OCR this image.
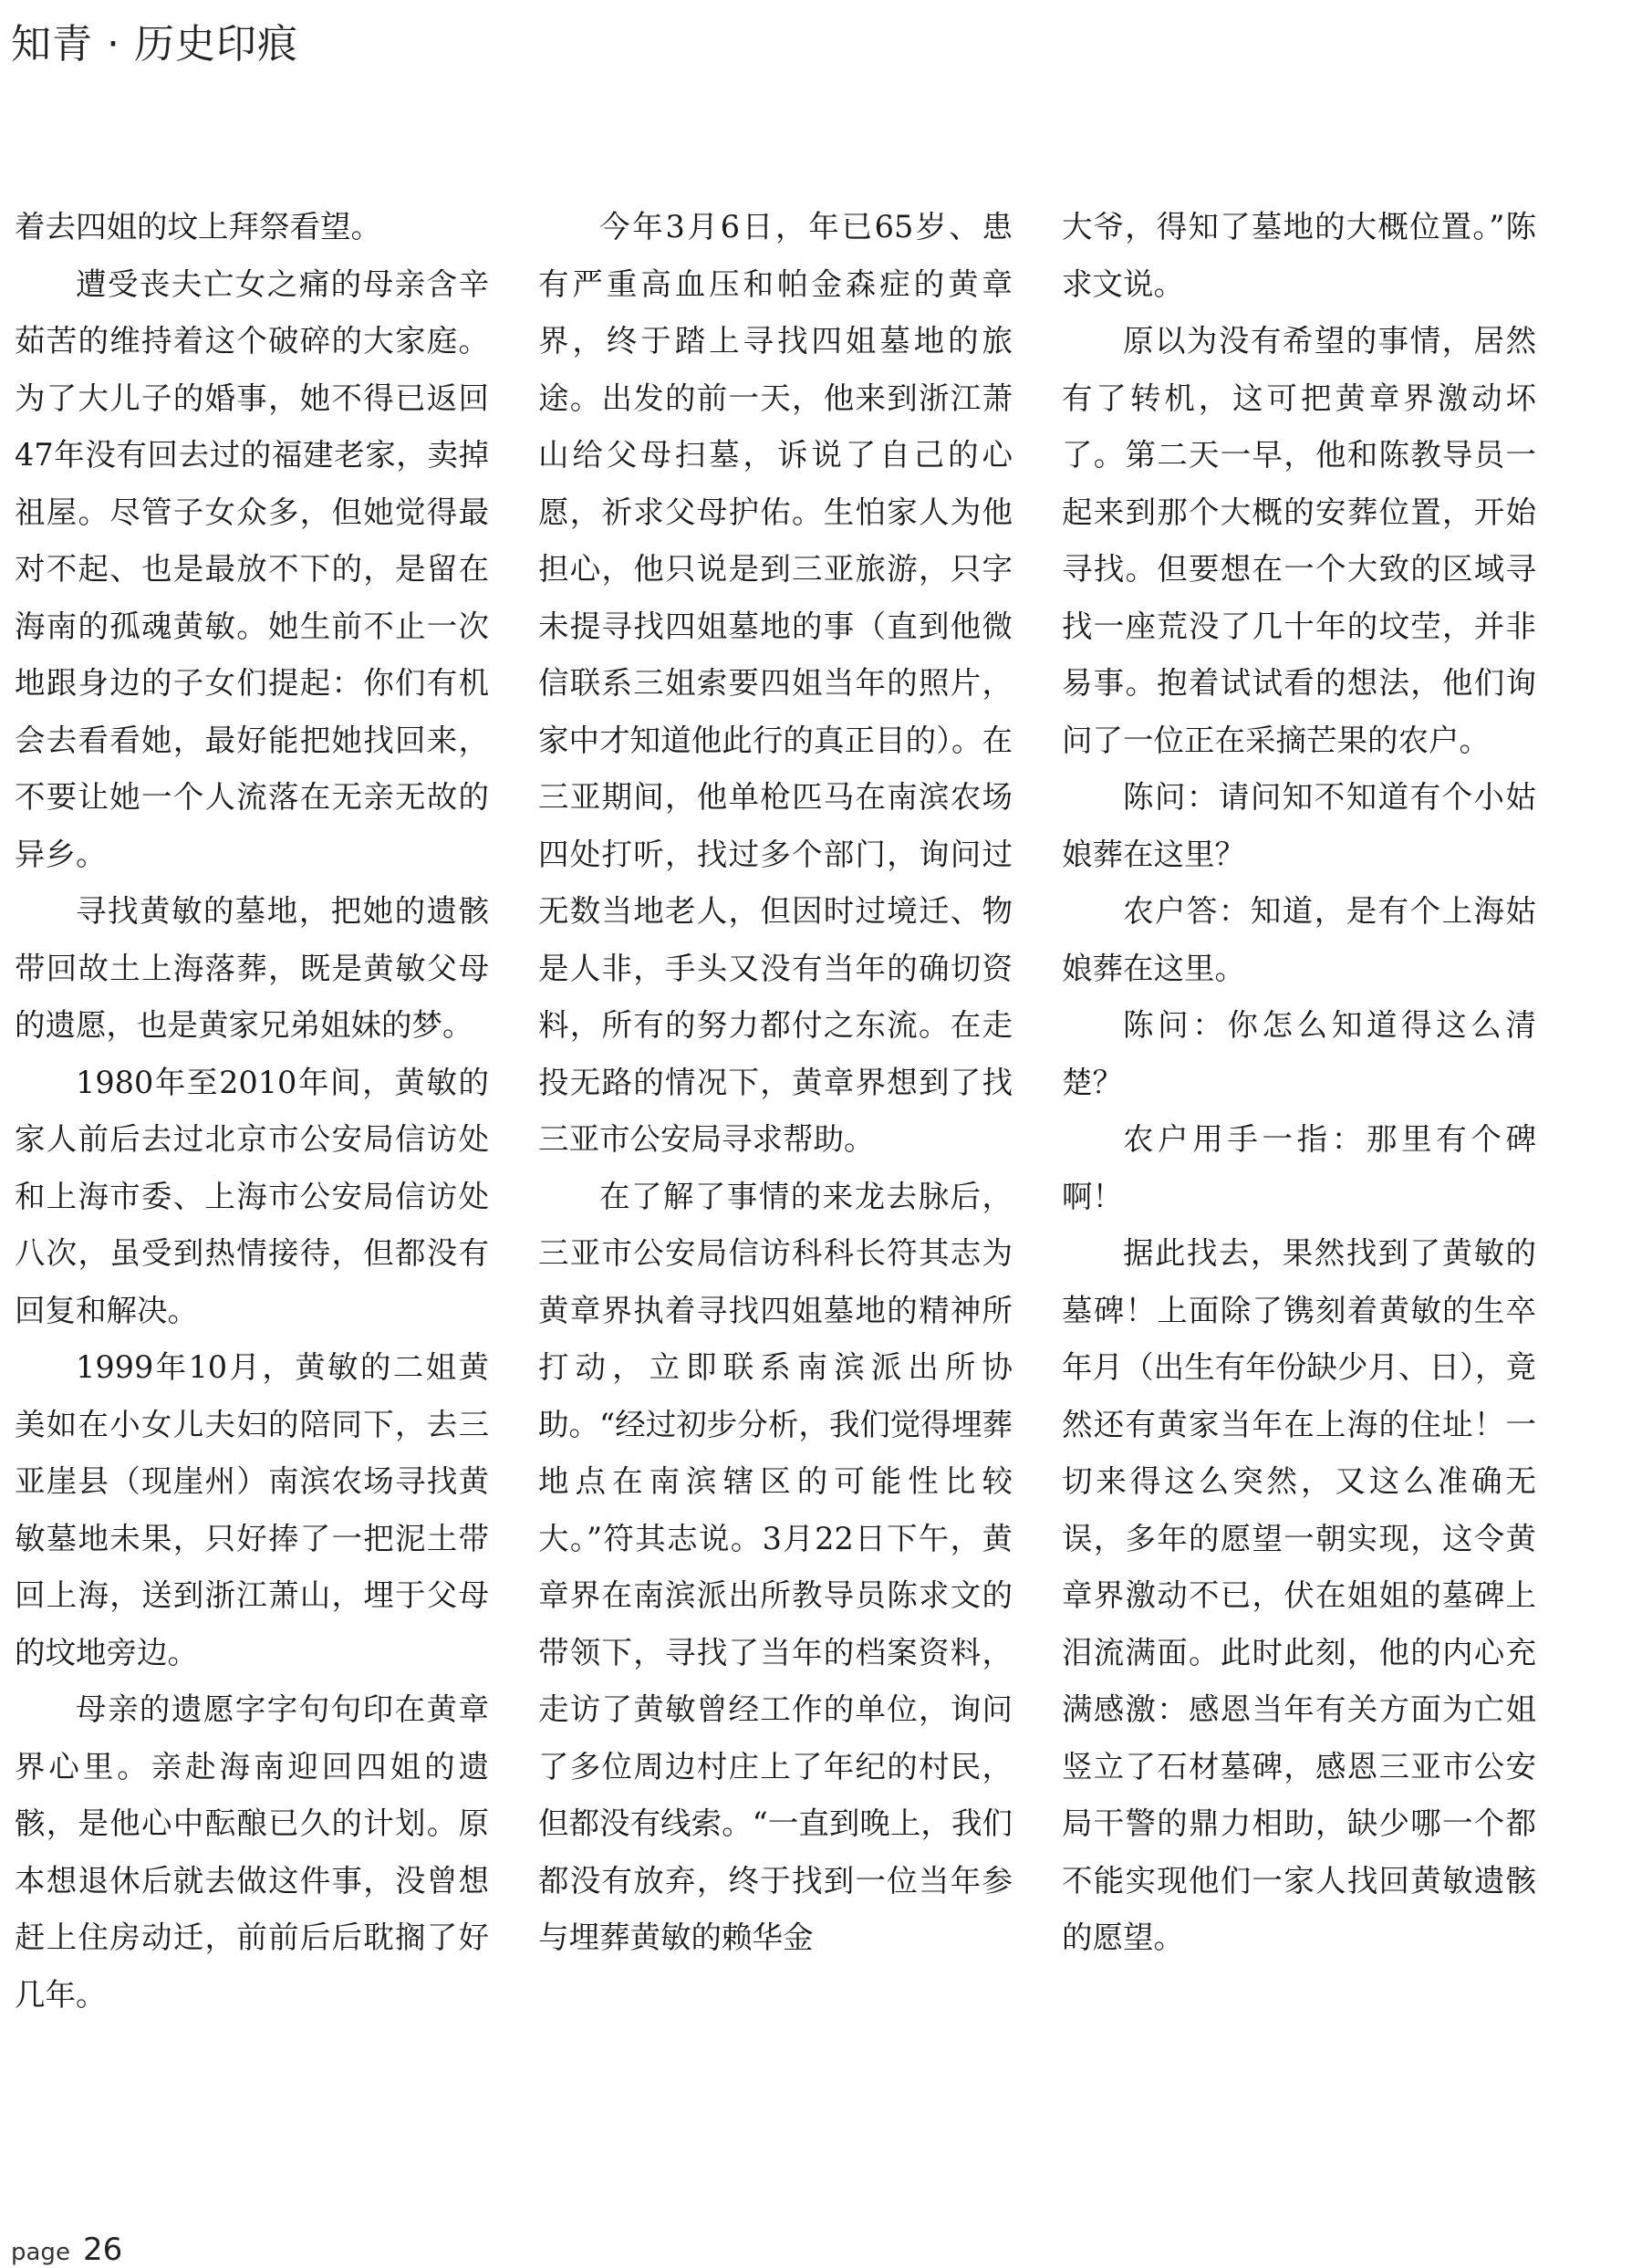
知青 · 历史印痕

着去四姐的坟上拜祭看望。

遭受丧夫亡女之痛的母亲含辛茹苦的维持着这个破碎的大家庭。为了大儿子的婚事，她不得已返回47年没有回去过的福建老家，卖掉祖屋。尽管子女众多，但她觉得最对不起、也是最放不下的，是留在海南的孤魂黄敏。她生前不止一次地跟身边的子女们提起：你们有机会去看看她，最好能把她找回来，不要让她一个人流落在无亲无故的异乡。

寻找黄敏的墓地，把她的遗骸带回故土上海落葬，既是黄敏父母的遗愿，也是黄家兄弟姐妹的梦。

1980年至2010年间，黄敏的家人前后去过北京市公安局信访处和上海市委、上海市公安局信访处八次，虽受到热情接待，但都没有回复和解决。

1999年10月，黄敏的二姐黄美如在小女儿夫妇的陪同下，去三亚崖县（现崖州）南滨农场寻找黄敏墓地未果，只好捧了一把泥土带回上海，送到浙江萧山，埋于父母的坟地旁边。

母亲的遗愿字字句句印在黄章界心里。亲赴海南迎回四姐的遗骸，是他心中酝酿已久的计划。原本想退休后就去做这件事，没曾想赶上住房动迁，前前后后耽搁了好几年。

今年3月6日，年已65岁、患有严重高血压和帕金森症的黄章界，终于踏上寻找四姐墓地的旅途。出发的前一天，他来到浙江萧山给父母扫墓，诉说了自己的心愿，祈求父母护佑。生怕家人为他担心，他只说是到三亚旅游，只字未提寻找四姐墓地的事（直到他微信联系三姐索要四姐当年的照片，家中才知道他此行的真正目的）。在三亚期间，他单枪匹马在南滨农场四处打听，找过多个部门，询问过无数当地老人，但因时过境迁、物是人非，手头又没有当年的确切资料，所有的努力都付之东流。在走投无路的情况下，黄章界想到了找三亚市公安局寻求帮助。

在了解了事情的来龙去脉后，三亚市公安局信访科科长符其志为黄章界执着寻找四姐墓地的精神所打动，立即联系南滨派出所协助。“经过初步分析，我们觉得埋葬地点在南滨辖区的可能性比较大。”符其志说。3月22日下午，黄章界在南滨派出所教导员陈求文的带领下，寻找了当年的档案资料，走访了黄敏曾经工作的单位，询问了多位周边村庄上了年纪的村民，但都没有线索。“一直到晚上，我们都没有放弃，终于找到一位当年参与埋葬黄敏的赖华金

大爷，得知了墓地的大概位置。”陈求文说。

原以为没有希望的事情，居然有了转机，这可把黄章界激动坏了。第二天一早，他和陈教导员一起来到那个大概的安葬位置，开始寻找。但要想在一个大致的区域寻找一座荒没了几十年的坟茔，并非易事。抱着试试看的想法，他们询问了一位正在采摘芒果的农户。

陈问：请问知不知道有个小姑娘葬在这里？

农户答：知道，是有个上海姑娘葬在这里。

陈问：你怎么知道得这么清楚？

农户用手一指：那里有个碑啊！

据此找去，果然找到了黄敏的墓碑！上面除了镌刻着黄敏的生卒年月（出生有年份缺少月、日），竟然还有黄家当年在上海的住址！一切来得这么突然，又这么准确无误，多年的愿望一朝实现，这令黄章界激动不已，伏在姐姐的墓碑上泪流满面。此时此刻，他的内心充满感激：感恩当年有关方面为亡姐竖立了石材墓碑，感恩三亚市公安局干警的鼎力相助，缺少哪一个都不能实现他们一家人找回黄敏遗骸的愿望。

page 26
